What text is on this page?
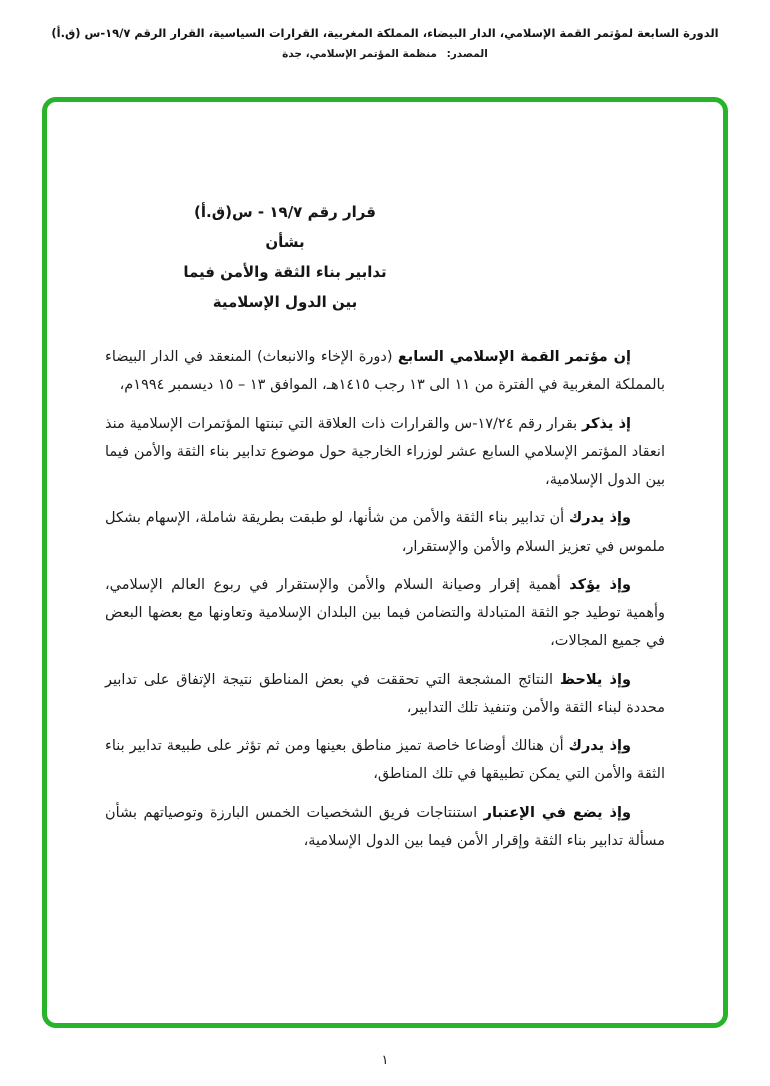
الدورة السابعة لمؤتمر القمة الإسلامي، الدار البيضاء، المملكة المغربية، القرارات السياسية، القرار الرقم ١٩/٧-س (ق.أ)
المصدر: منظمة المؤتمر الإسلامي، جدة
قرار رقم ١٩/٧ - س(ق.أ)
بشأن
تدابير بناء الثقة والأمن فيما
بين الدول الإسلامية

إن مؤتمر القمة الإسلامي السابع (دورة الإخاء والانبعاث) المنعقد في الدار البيضاء بالمملكة المغربية في الفترة من ١١ الى ١٣ رجب ١٤١٥هـ، الموافق ١٣ – ١٥ ديسمبر ١٩٩٤م،

إذ يذكر بقرار رقم ١٧/٢٤-س والقرارات ذات العلاقة التي تبنتها المؤتمرات الإسلامية منذ انعقاد المؤتمر الإسلامي السابع عشر لوزراء الخارجية حول موضوع تدابير بناء الثقة والأمن فيما بين الدول الإسلامية،

وإذ يدرك أن تدابير بناء الثقة والأمن من شأنها، لو طبقت بطريقة شاملة، الإسهام بشكل ملموس في تعزيز السلام والأمن والإستقرار،

وإذ يؤكد أهمية إقرار وصيانة السلام والأمن والإستقرار في ربوع العالم الإسلامي، وأهمية توطيد جو الثقة المتبادلة والتضامن فيما بين البلدان الإسلامية وتعاونها مع بعضها البعض في جميع المجالات،

وإذ يلاحظ النتائج المشجعة التي تحققت في بعض المناطق نتيجة الإتفاق على تدابير محددة لبناء الثقة والأمن وتنفيذ تلك التدابير،

وإذ يدرك أن هنالك أوضاعا خاصة تميز مناطق بعينها ومن ثم تؤثر على طبيعة تدابير بناء الثقة والأمن التي يمكن تطبيقها في تلك المناطق،

وإذ يضع في الإعتبار استنتاجات فريق الشخصيات الخمس البارزة وتوصياتهم بشأن مسألة تدابير بناء الثقة وإقرار الأمن فيما بين الدول الإسلامية،

١
